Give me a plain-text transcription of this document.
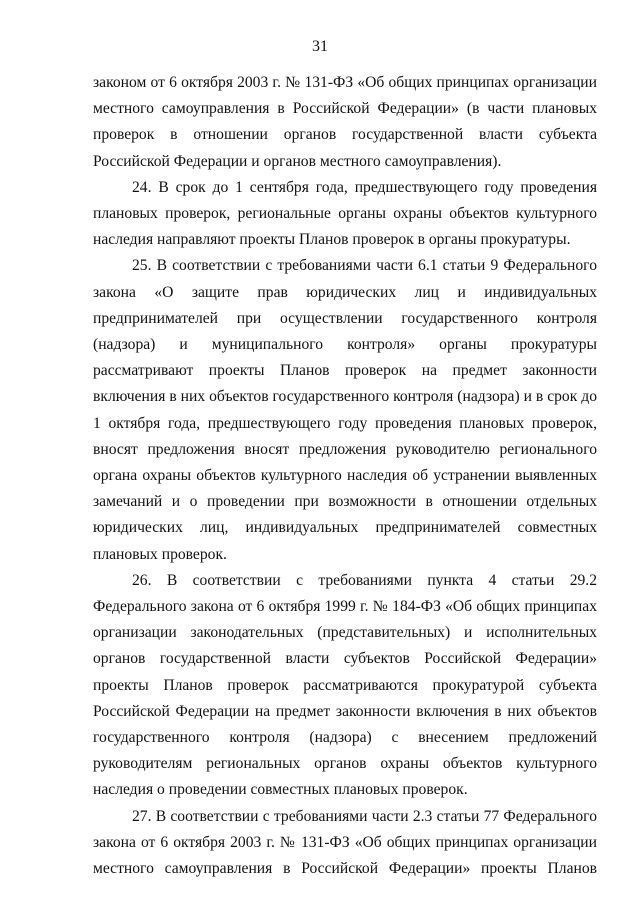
31

законом от 6 октября 2003 г. № 131-ФЗ «Об общих принципах организации местного самоуправления в Российской Федерации» (в части плановых проверок в отношении органов государственной власти субъекта Российской Федерации и органов местного самоуправления).

24. В срок до 1 сентября года, предшествующего году проведения плановых проверок, региональные органы охраны объектов культурного наследия направляют проекты Планов проверок в органы прокуратуры.

25. В соответствии с требованиями части 6.1 статьи 9 Федерального закона «О защите прав юридических лиц и индивидуальных предпринимателей при осуществлении государственного контроля (надзора) и муниципального контроля» органы прокуратуры рассматривают проекты Планов проверок на предмет законности включения в них объектов государственного контроля (надзора) и в срок до 1 октября года, предшествующего году проведения плановых проверок, вносят предложения вносят предложения руководителю регионального органа охраны объектов культурного наследия об устранении выявленных замечаний и о проведении при возможности в отношении отдельных юридических лиц, индивидуальных предпринимателей совместных плановых проверок.

26. В соответствии с требованиями пункта 4 статьи 29.2 Федерального закона от 6 октября 1999 г. № 184-ФЗ «Об общих принципах организации законодательных (представительных) и исполнительных органов государственной власти субъектов Российской Федерации» проекты Планов проверок рассматриваются прокуратурой субъекта Российской Федерации на предмет законности включения в них объектов государственного контроля (надзора) с внесением предложений руководителям региональных органов охраны объектов культурного наследия о проведении совместных плановых проверок.

27. В соответствии с требованиями части 2.3 статьи 77 Федерального закона от 6 октября 2003 г. № 131-ФЗ «Об общих принципах организации местного самоуправления в Российской Федерации» проекты Планов
